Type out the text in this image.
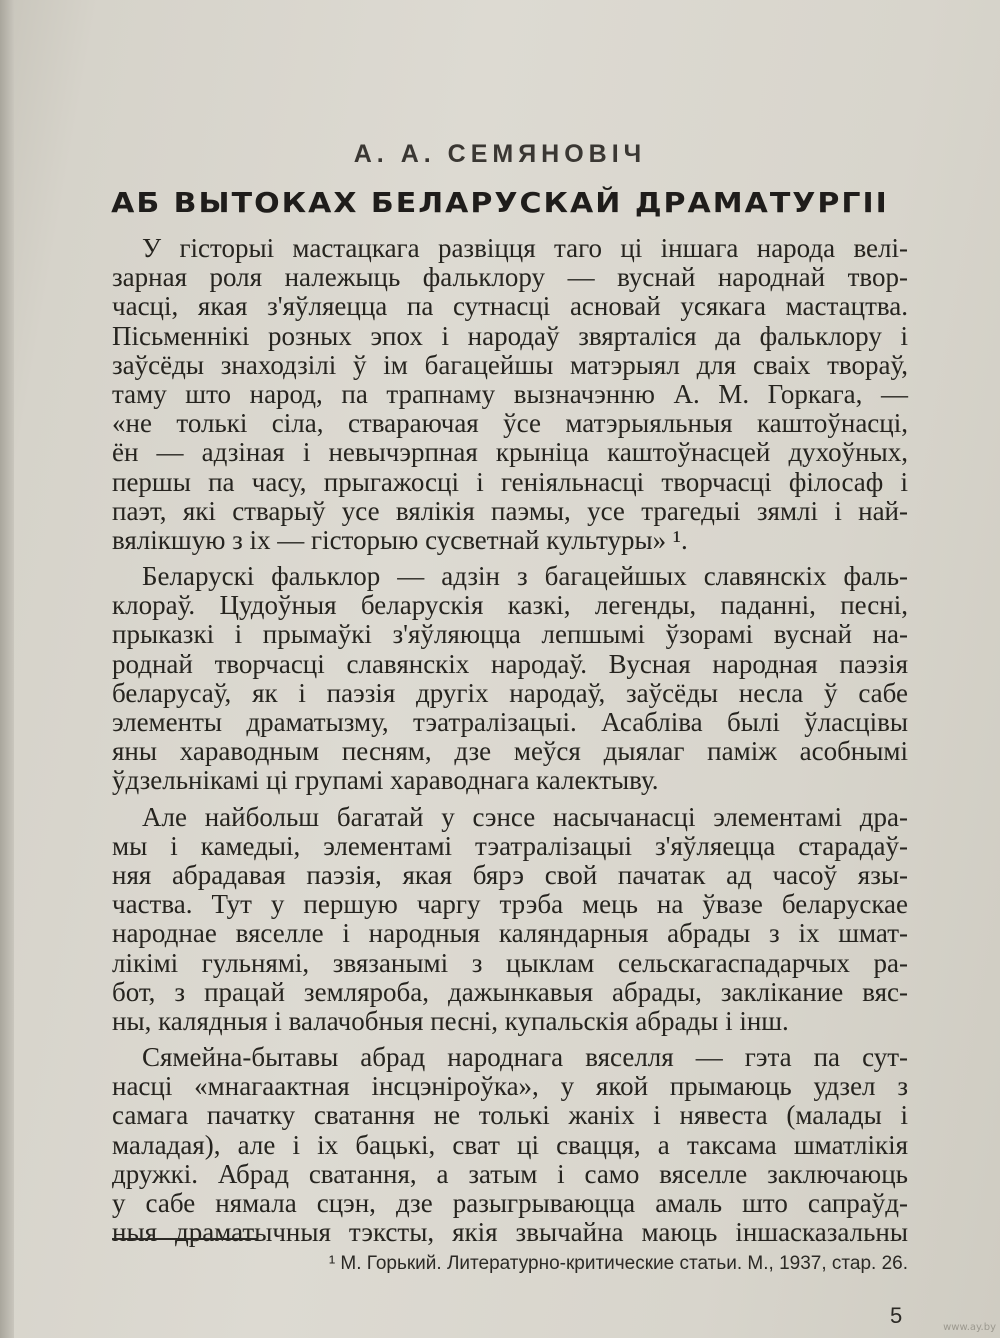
А. А. СЕМЯНОВІЧ
АБ ВЫТОКАХ БЕЛАРУСКАЙ ДРАМАТУРГІІ
У гісторыі мастацкага развіцця таго ці іншага народа велі-
зарная роля належыць фальклору — вуснай народнай твор-
часці, якая з'яўляецца па сутнасці асновай усякага мастацтва.
Пісьменнікі розных эпох і народаў звярталіся да фальклору і
заўсёды знаходзілі ў ім багацейшы матэрыял для сваіх твораў,
таму што народ, па трапнаму вызначэнню А. М. Горкага, —
«не толькі сіла, ствараючая ўсе матэрыяльныя каштоўнасці,
ён — адзіная і невычэрпная крыніца каштоўнасцей духоўных,
першы па часу, прыгажосці і геніяльнасці творчасці філосаф і
паэт, які стварыў усе вялікія паэмы, усе трагедыі зямлі і най-
вялікшую з іх — гісторыю сусветнай культуры» ¹.
Беларускі фальклор — адзін з багацейшых славянскіх фаль-
клораў. Цудоўныя беларускія казкі, легенды, паданні, песні,
прыказкі і прымаўкі з'яўляюцца лепшымі ўзорамі вуснай на-
роднай творчасці славянскіх народаў. Вусная народная паэзія
беларусаў, як і паэзія другіх народаў, заўсёды несла ў сабе
элементы драматызму, тэатралізацыі. Асабліва былі ўласцівы
яны хараводным песням, дзе меўся дыялаг паміж асобнымі
ўдзельнікамі ці групамі хараводнага калектыву.
Але найбольш багатай у сэнсе насычанасці элементамі дра-
мы і камедыі, элементамі тэатралізацыі з'яўляецца старадаў-
няя абрадавая паэзія, якая бярэ свой пачатак ад часоў язы-
частва. Тут у першую чаргу трэба мець на ўвазе беларускае
народнае вяселле і народныя каляндарныя абрады з іх шмат-
лікімі гульнямі, звязанымі з цыклам сельскагаспадарчых ра-
бот, з працай земляроба, дажынкавыя абрады, заклікание вяс-
ны, калядныя і валачобныя песні, купальскія абрады і інш.
Сямейна-бытавы абрад народнага вяселля — гэта па сут-
насці «мнагаактная інсцэніроўка», у якой прымаюць удзел з
самага пачатку сватання не толькі жаніх і нявеста (малады і
маладая), але і іх бацькі, сват ці свацця, а таксама шматлікія
дружкі. Абрад сватання, а затым і само вяселле заключаюць
у сабе нямала сцэн, дзе разыгрываюцца амаль што сапраўд-
ныя драматычныя тэксты, якія звычайна маюць іншасказальны
¹ М. Горький. Литературно-критические статьи. М., 1937, стар. 26.
5	www.ay.by
